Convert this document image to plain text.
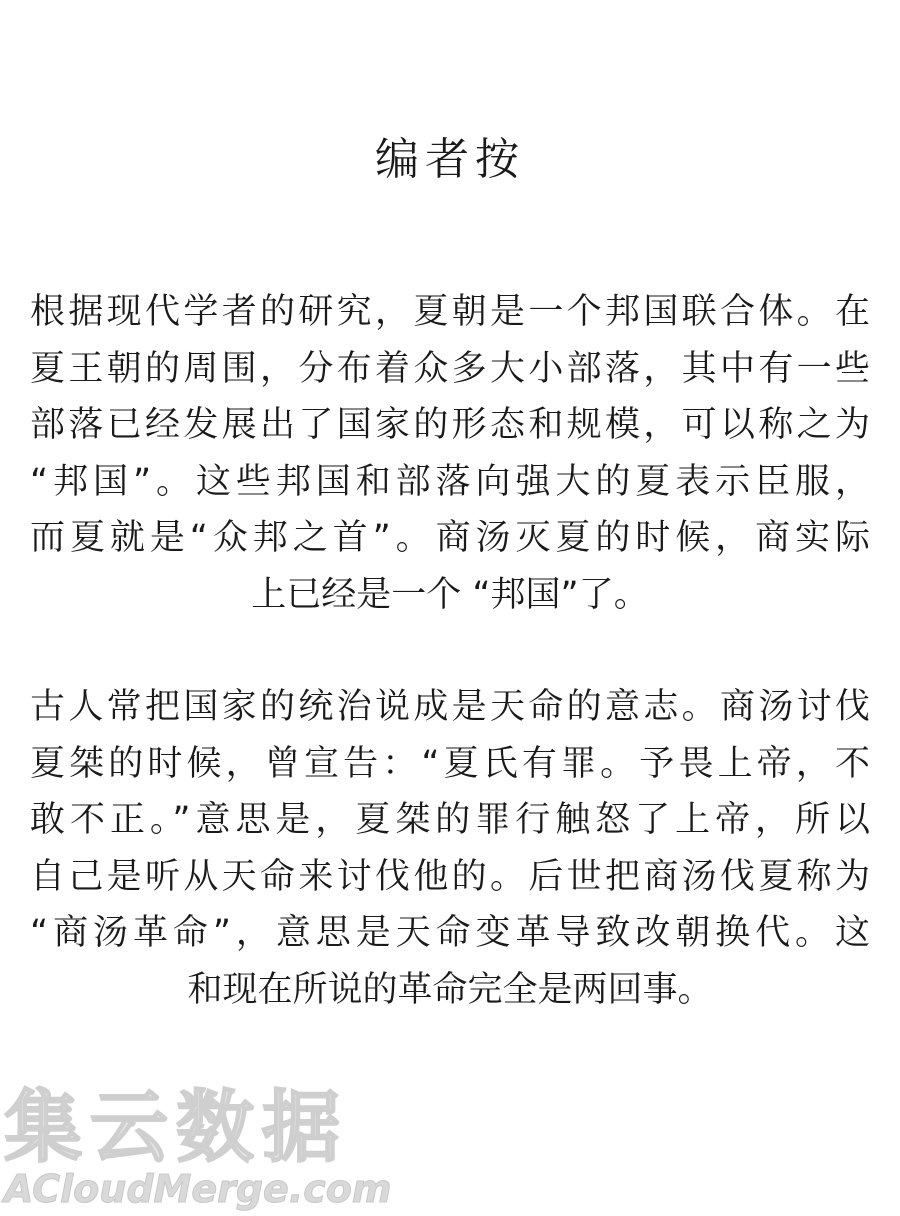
编者按
根据现代学者的研究，夏朝是一个邦国联合体。在
夏王朝的周围，分布着众多大小部落，其中有一些
部落已经发展出了国家的形态和规模，可以称之为
“邦国”。这些邦国和部落向强大的夏表示臣服，
而夏就是“众邦之首”。商汤灭夏的时候，商实际
上已经是一个 “邦国”了。
古人常把国家的统治说成是天命的意志。商汤讨伐
夏桀的时候，曾宣告：“夏氏有罪。予畏上帝，不
敢不正。”意思是，夏桀的罪行触怒了上帝，所以
自己是听从天命来讨伐他的。后世把商汤伐夏称为
“商汤革命”，意思是天命变革导致改朝换代。这
和现在所说的革命完全是两回事。
集云数据
ACloudMerge.com
